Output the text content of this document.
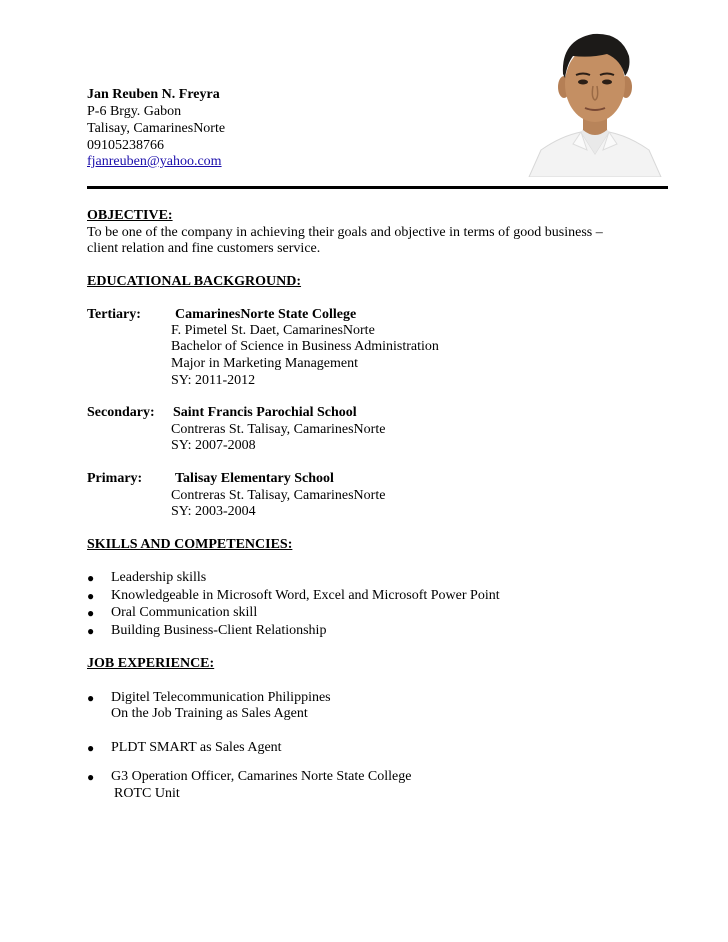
Jan Reuben N. Freyra
P-6 Brgy. Gabon
Talisay, CamarinesNorte
09105238766
fjanreuben@yahoo.com
OBJECTIVE:
To be one of the company in achieving their goals and objective in terms of good business –
client relation and fine customers service.
EDUCATIONAL BACKGROUND:
Tertiary: CamarinesNorte State College
F. Pimetel St. Daet, CamarinesNorte
Bachelor of Science in Business Administration
Major in Marketing Management
SY: 2011-2012
Secondary: Saint Francis Parochial School
Contreras St. Talisay, CamarinesNorte
SY: 2007-2008
Primary: Talisay Elementary School
Contreras St. Talisay, CamarinesNorte
SY: 2003-2004
SKILLS AND COMPETENCIES:
● Leadership skills
● Knowledgeable in Microsoft Word, Excel and Microsoft Power Point
● Oral Communication skill
● Building Business-Client Relationship
JOB EXPERIENCE:
● Digitel Telecommunication Philippines
On the Job Training as Sales Agent
● PLDT SMART as Sales Agent
● G3 Operation Officer, Camarines Norte State College
ROTC Unit
